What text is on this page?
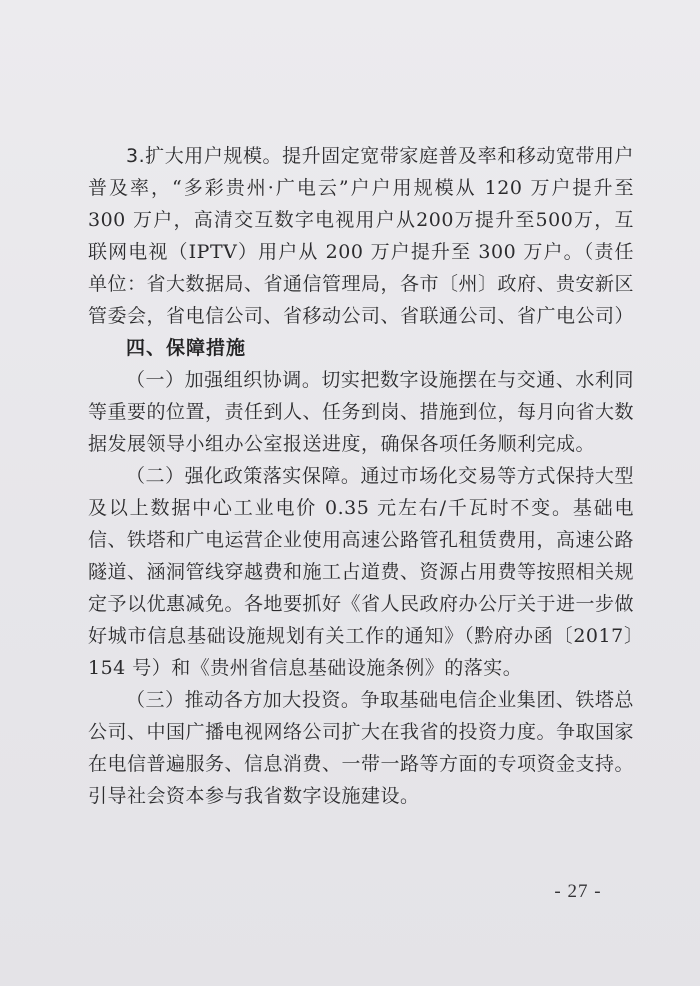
3.扩大用户规模。提升固定宽带家庭普及率和移动宽带用户普及率，“多彩贵州·广电云”户户用规模从 120 万户提升至 300 万户，高清交互数字电视用户从200万提升至500万，互联网电视（IPTV）用户从 200 万户提升至 300 万户。（责任单位：省大数据局、省通信管理局，各市〔州〕政府、贵安新区管委会，省电信公司、省移动公司、省联通公司、省广电公司）

四、保障措施

（一）加强组织协调。切实把数字设施摆在与交通、水利同等重要的位置，责任到人、任务到岗、措施到位，每月向省大数据发展领导小组办公室报送进度，确保各项任务顺利完成。

（二）强化政策落实保障。通过市场化交易等方式保持大型及以上数据中心工业电价 0.35 元左右/千瓦时不变。基础电信、铁塔和广电运营企业使用高速公路管孔租赁费用，高速公路隧道、涵洞管线穿越费和施工占道费、资源占用费等按照相关规定予以优惠减免。各地要抓好《省人民政府办公厅关于进一步做好城市信息基础设施规划有关工作的通知》（黔府办函〔2017〕154 号）和《贵州省信息基础设施条例》的落实。

（三）推动各方加大投资。争取基础电信企业集团、铁塔总公司、中国广播电视网络公司扩大在我省的投资力度。争取国家在电信普遍服务、信息消费、一带一路等方面的专项资金支持。引导社会资本参与我省数字设施建设。

- 27 -
